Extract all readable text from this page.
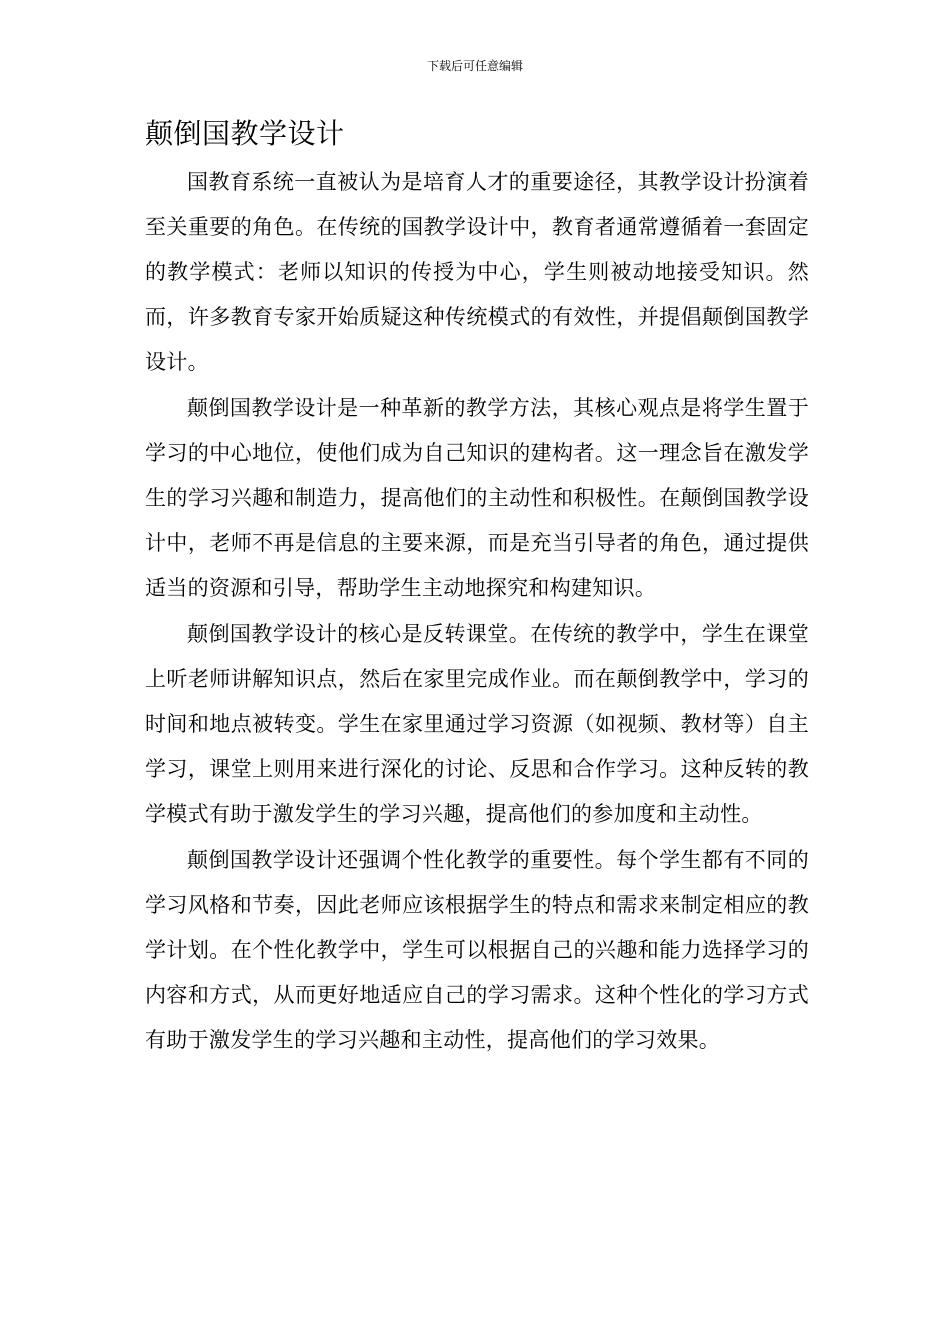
下载后可任意编辑
颠倒国教学设计

国教育系统一直被认为是培育人才的重要途径，其教学设计扮演着至关重要的角色。在传统的国教学设计中，教育者通常遵循着一套固定的教学模式：老师以知识的传授为中心，学生则被动地接受知识。然而，许多教育专家开始质疑这种传统模式的有效性，并提倡颠倒国教学设计。

颠倒国教学设计是一种革新的教学方法，其核心观点是将学生置于学习的中心地位，使他们成为自己知识的建构者。这一理念旨在激发学生的学习兴趣和制造力，提高他们的主动性和积极性。在颠倒国教学设计中，老师不再是信息的主要来源，而是充当引导者的角色，通过提供适当的资源和引导，帮助学生主动地探究和构建知识。

颠倒国教学设计的核心是反转课堂。在传统的教学中，学生在课堂上听老师讲解知识点，然后在家里完成作业。而在颠倒教学中，学习的时间和地点被转变。学生在家里通过学习资源（如视频、教材等）自主学习，课堂上则用来进行深化的讨论、反思和合作学习。这种反转的教学模式有助于激发学生的学习兴趣，提高他们的参加度和主动性。

颠倒国教学设计还强调个性化教学的重要性。每个学生都有不同的学习风格和节奏，因此老师应该根据学生的特点和需求来制定相应的教学计划。在个性化教学中，学生可以根据自己的兴趣和能力选择学习的内容和方式，从而更好地适应自己的学习需求。这种个性化的学习方式有助于激发学生的学习兴趣和主动性，提高他们的学习效果。
